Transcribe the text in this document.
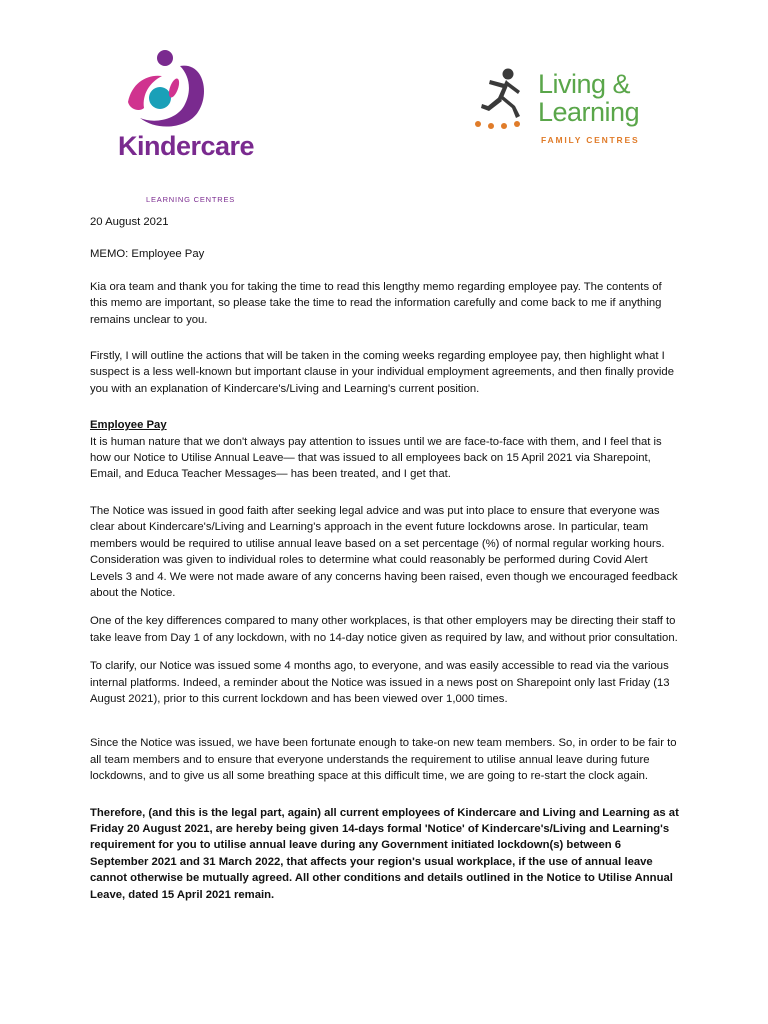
Kindercare
LEARNING CENTRES
Living &
Learning
FAMILY CENTRES

20 August 2021

MEMO: Employee Pay

Kia ora team and thank you for taking the time to read this lengthy memo regarding employee pay. The contents of this memo are important, so please take the time to read the information carefully and come back to me if anything remains unclear to you.

Firstly, I will outline the actions that will be taken in the coming weeks regarding employee pay, then highlight what I suspect is a less well-known but important clause in your individual employment agreements, and then finally provide you with an explanation of Kindercare's/Living and Learning's current position.

Employee Pay

It is human nature that we don't always pay attention to issues until we are face-to-face with them, and I feel that is how our Notice to Utilise Annual Leave— that was issued to all employees back on 15 April 2021 via Sharepoint, Email, and Educa Teacher Messages— has been treated, and I get that.

The Notice was issued in good faith after seeking legal advice and was put into place to ensure that everyone was clear about Kindercare's/Living and Learning's approach in the event future lockdowns arose. In particular, team members would be required to utilise annual leave based on a set percentage (%) of normal regular working hours. Consideration was given to individual roles to determine what could reasonably be performed during Covid Alert Levels 3 and 4. We were not made aware of any concerns having been raised, even though we encouraged feedback about the Notice.

One of the key differences compared to many other workplaces, is that other employers may be directing their staff to take leave from Day 1 of any lockdown, with no 14-day notice given as required by law, and without prior consultation.

To clarify, our Notice was issued some 4 months ago, to everyone, and was easily accessible to read via the various internal platforms. Indeed, a reminder about the Notice was issued in a news post on Sharepoint only last Friday (13 August 2021), prior to this current lockdown and has been viewed over 1,000 times.

Since the Notice was issued, we have been fortunate enough to take-on new team members. So, in order to be fair to all team members and to ensure that everyone understands the requirement to utilise annual leave during future lockdowns, and to give us all some breathing space at this difficult time, we are going to re-start the clock again.

Therefore, (and this is the legal part, again) all current employees of Kindercare and Living and Learning as at Friday 20 August 2021, are hereby being given 14-days formal 'Notice' of Kindercare's/Living and Learning's requirement for you to utilise annual leave during any Government initiated lockdown(s) between 6 September 2021 and 31 March 2022, that affects your region's usual workplace, if the use of annual leave cannot otherwise be mutually agreed. All other conditions and details outlined in the Notice to Utilise Annual Leave, dated 15 April 2021 remain.
